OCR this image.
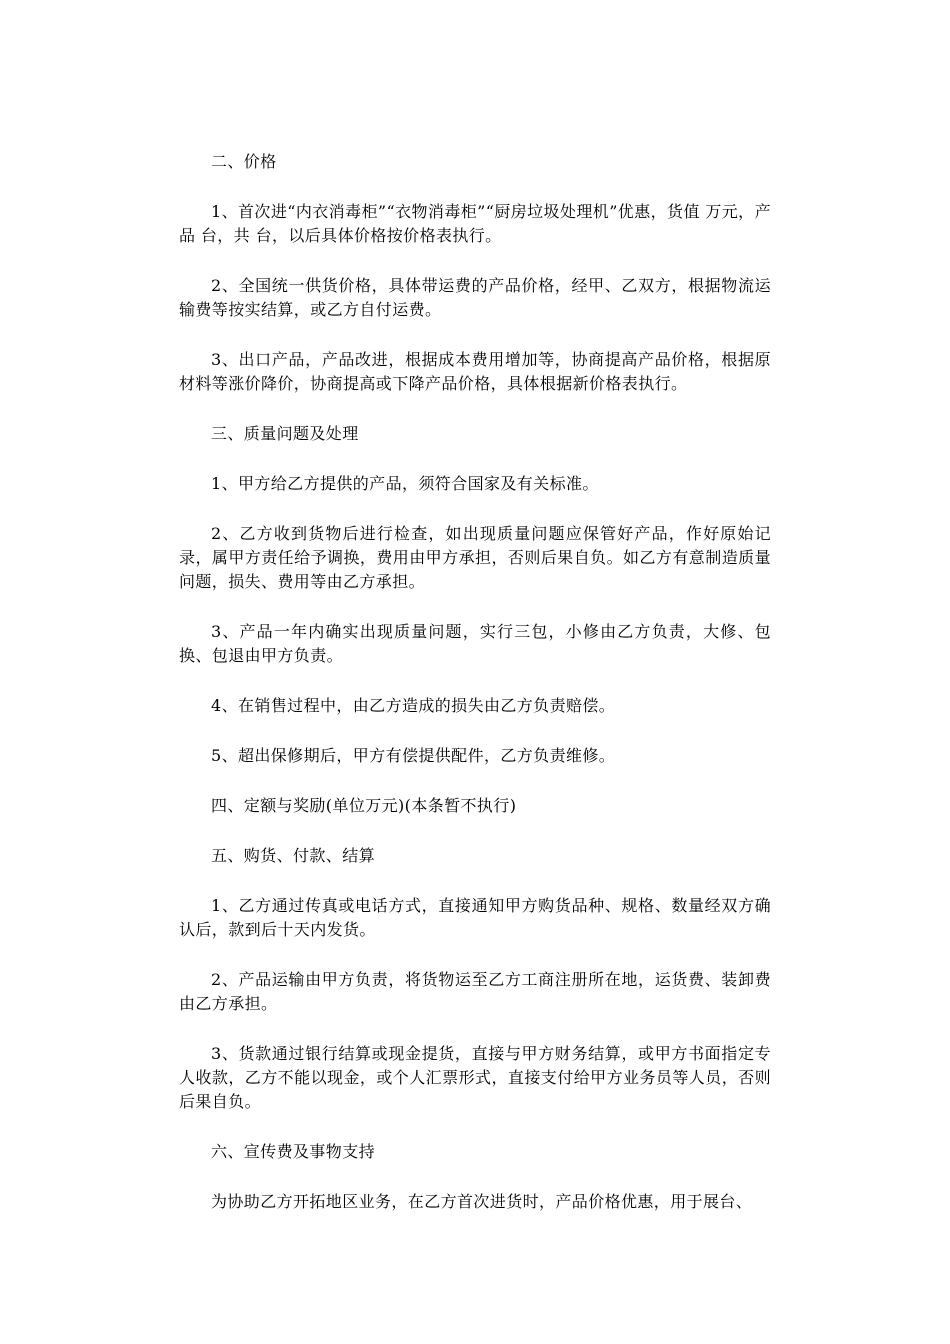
二、价格

1、首次进“内衣消毒柜”“衣物消毒柜”“厨房垃圾处理机”优惠，货值 万元，产品 台，共 台，以后具体价格按价格表执行。

2、全国统一供货价格，具体带运费的产品价格，经甲、乙双方，根据物流运输费等按实结算，或乙方自付运费。

3、出口产品，产品改进，根据成本费用增加等，协商提高产品价格，根据原材料等涨价降价，协商提高或下降产品价格，具体根据新价格表执行。

三、质量问题及处理

1、甲方给乙方提供的产品，须符合国家及有关标准。

2、乙方收到货物后进行检查，如出现质量问题应保管好产品，作好原始记录，属甲方责任给予调换，费用由甲方承担，否则后果自负。如乙方有意制造质量问题，损失、费用等由乙方承担。

3、产品一年内确实出现质量问题，实行三包，小修由乙方负责，大修、包换、包退由甲方负责。

4、在销售过程中，由乙方造成的损失由乙方负责赔偿。

5、超出保修期后，甲方有偿提供配件，乙方负责维修。

四、定额与奖励(单位万元)(本条暂不执行)

五、购货、付款、结算

1、乙方通过传真或电话方式，直接通知甲方购货品种、规格、数量经双方确认后，款到后十天内发货。

2、产品运输由甲方负责，将货物运至乙方工商注册所在地，运货费、装卸费由乙方承担。

3、货款通过银行结算或现金提货，直接与甲方财务结算，或甲方书面指定专人收款，乙方不能以现金，或个人汇票形式，直接支付给甲方业务员等人员，否则后果自负。

六、宣传费及事物支持

为协助乙方开拓地区业务，在乙方首次进货时，产品价格优惠，用于展台、
